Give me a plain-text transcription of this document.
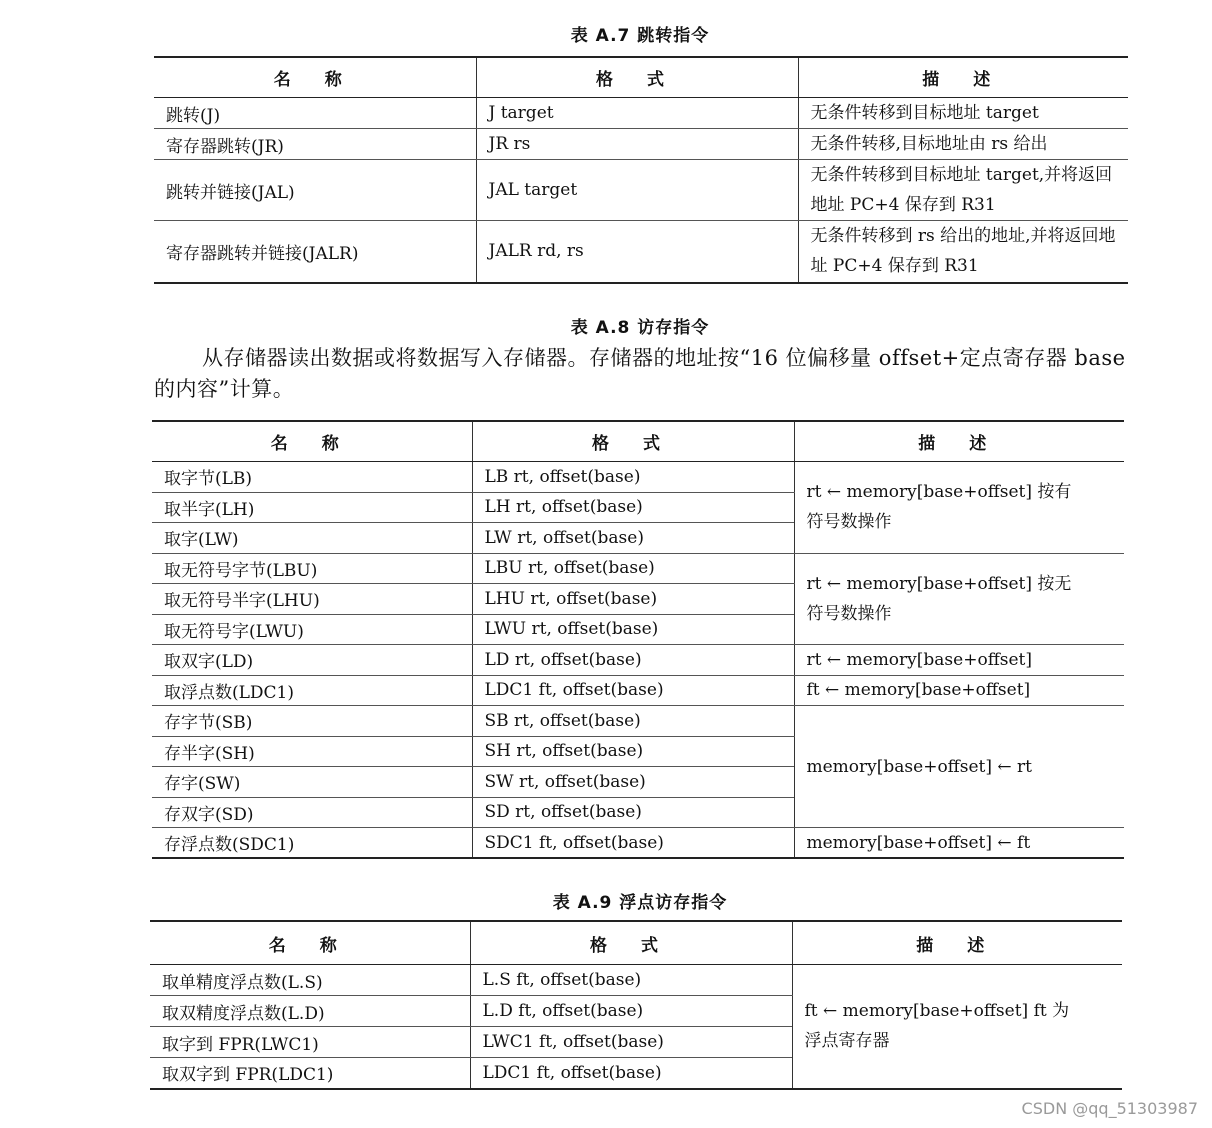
表 A.7 跳转指令
名 称	格 式	描 述
跳转(J)	J target	无条件转移到目标地址 target
寄存器跳转(JR)	JR rs	无条件转移,目标地址由 rs 给出
跳转并链接(JAL)	JAL target	无条件转移到目标地址 target,并将返回地址 PC+4 保存到 R31
寄存器跳转并链接(JALR)	JALR rd, rs	无条件转移到 rs 给出的地址,并将返回地址 PC+4 保存到 R31
表 A.8 访存指令
从存储器读出数据或将数据写入存储器。存储器的地址按“16 位偏移量 offset+定点寄存器 base 的内容”计算。
名 称	格 式	描 述
取字节(LB)	LB rt, offset(base)	rt ← memory[base+offset] 按有符号数操作
取半字(LH)	LH rt, offset(base)	
取字(LW)	LW rt, offset(base)	
取无符号字节(LBU)	LBU rt, offset(base)	rt ← memory[base+offset] 按无符号数操作
取无符号半字(LHU)	LHU rt, offset(base)	
取无符号字(LWU)	LWU rt, offset(base)	
取双字(LD)	LD rt, offset(base)	rt ← memory[base+offset]
取浮点数(LDC1)	LDC1 ft, offset(base)	ft ← memory[base+offset]
存字节(SB)	SB rt, offset(base)	memory[base+offset] ← rt
存半字(SH)	SH rt, offset(base)	
存字(SW)	SW rt, offset(base)	
存双字(SD)	SD rt, offset(base)	
存浮点数(SDC1)	SDC1 ft, offset(base)	memory[base+offset] ← ft
表 A.9 浮点访存指令
名 称	格 式	描 述
取单精度浮点数(L.S)	L.S ft, offset(base)	ft ← memory[base+offset] ft 为浮点寄存器
取双精度浮点数(L.D)	L.D ft, offset(base)	
取字到 FPR(LWC1)	LWC1 ft, offset(base)	
取双字到 FPR(LDC1)	LDC1 ft, offset(base)	
CSDN @qq_51303987
